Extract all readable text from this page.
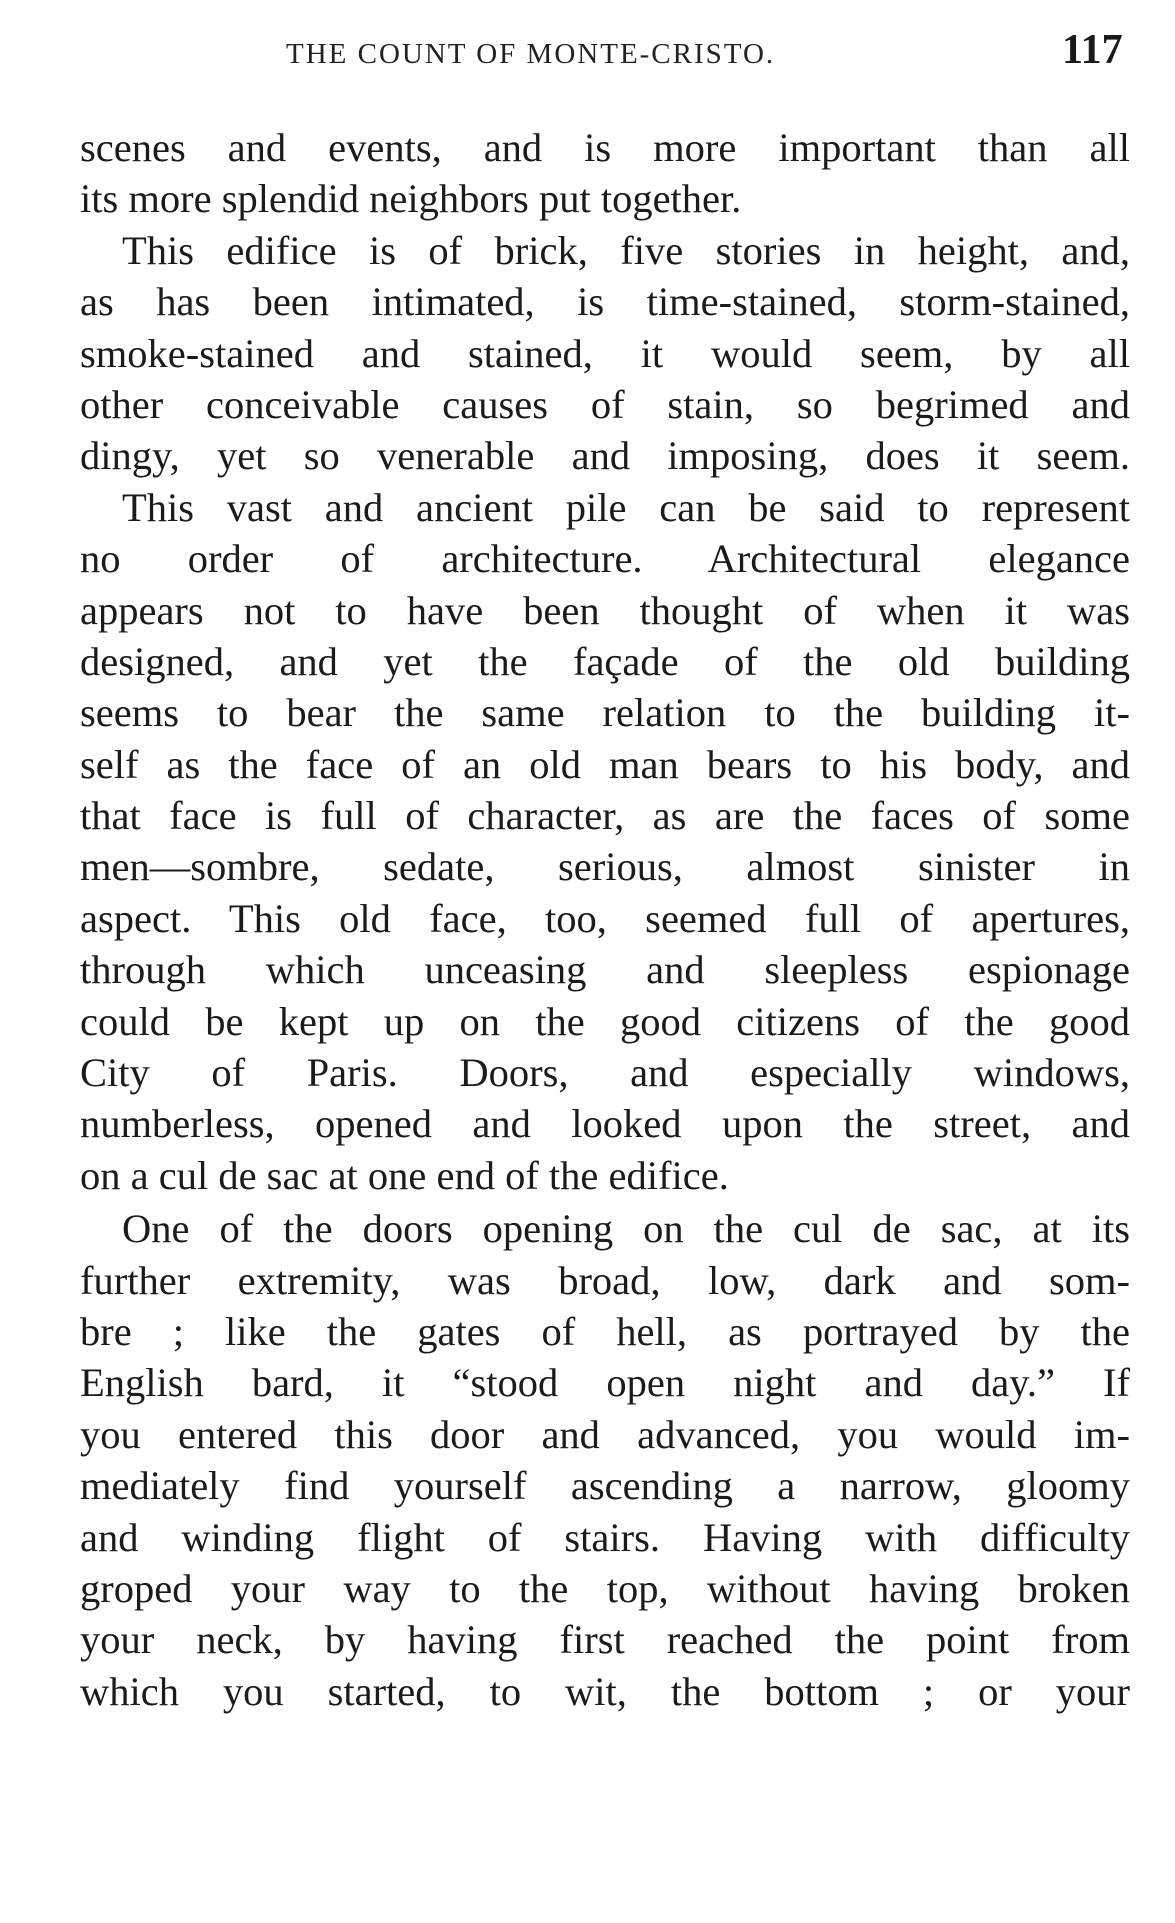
THE COUNT OF MONTE-CRISTO.	117
scenes and events, and is more important than all
its more splendid neighbors put together.
This edifice is of brick, five stories in height, and,
as has been intimated, is time-stained, storm-stained,
smoke-stained and stained, it would seem, by all
other conceivable causes of stain, so begrimed and
dingy, yet so venerable and imposing, does it seem.
This vast and ancient pile can be said to represent
no order of architecture. Architectural elegance
appears not to have been thought of when it was
designed, and yet the façade of the old building
seems to bear the same relation to the building it-
self as the face of an old man bears to his body, and
that face is full of character, as are the faces of some
men—sombre, sedate, serious, almost sinister in
aspect. This old face, too, seemed full of apertures,
through which unceasing and sleepless espionage
could be kept up on the good citizens of the good
City of Paris. Doors, and especially windows,
numberless, opened and looked upon the street, and
on a cul de sac at one end of the edifice.
One of the doors opening on the cul de sac, at its
further extremity, was broad, low, dark and som-
bre ; like the gates of hell, as portrayed by the
English bard, it “stood open night and day.” If
you entered this door and advanced, you would im-
mediately find yourself ascending a narrow, gloomy
and winding flight of stairs. Having with difficulty
groped your way to the top, without having broken
your neck, by having first reached the point from
which you started, to wit, the bottom ; or your
